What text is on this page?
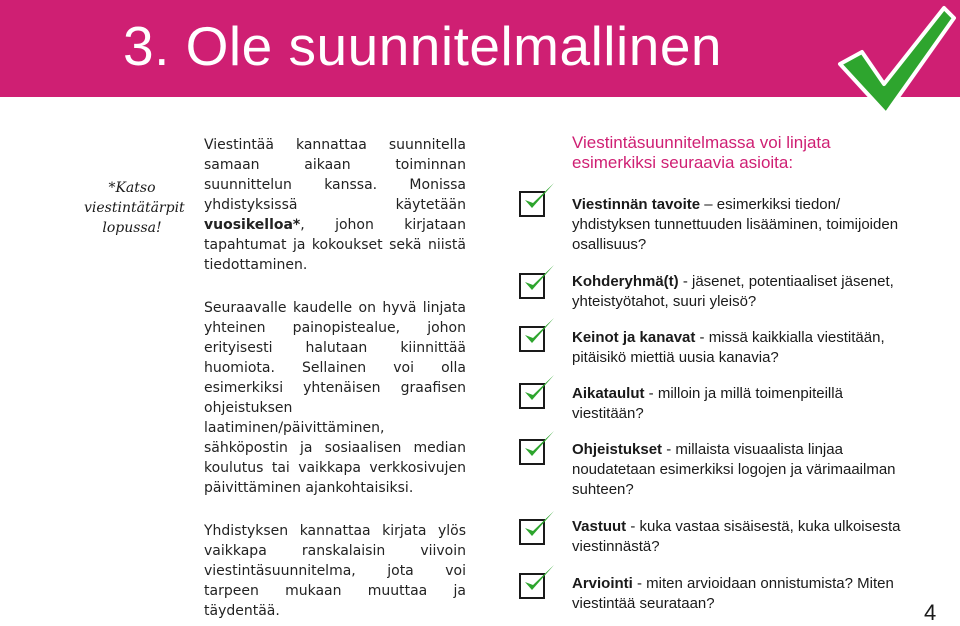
3. Ole suunnitelmallinen
*Katso viestintätärpit lopussa!

Viestintää kannattaa suunnitella samaan aikaan toiminnan suunnittelun kanssa. Monissa yhdistyksissä käytetään vuosikelloa*, johon kirjataan tapahtumat ja kokoukset sekä niistä tiedottaminen.

Seuraavalle kaudelle on hyvä linjata yhteinen painopistealue, johon erityisesti halutaan kiinnittää huomiota. Sellainen voi olla esimerkiksi yhtenäisen graafisen ohjeistuksen laatiminen/päivittäminen, sähköpostin ja sosiaalisen median koulutus tai vaikkapa verkkosivujen päivittäminen ajankohtaisiksi.

Yhdistyksen kannattaa kirjata ylös vaikkapa ranskalaisin viivoin viestintäsuunnitelma, jota voi tarpeen mukaan muuttaa ja täydentää.

Viestintäsuunnitelmassa voi linjata esimerkiksi seuraavia asioita:
Viestinnän tavoite – esimerkiksi tiedon/ yhdistyksen tunnettuuden lisääminen, toimijoiden osallisuus?
Kohderyhmä(t) - jäsenet, potentiaaliset jäsenet, yhteistyötahot, suuri yleisö?
Keinot ja kanavat - missä kaikkialla viestitään, pitäisikö miettiä uusia kanavia?
Aikataulut - milloin ja millä toimenpiteillä viestitään?
Ohjeistukset - millaista visuaalista linjaa noudatetaan esimerkiksi logojen ja värimaailman suhteen?
Vastuut - kuka vastaa sisäisestä, kuka ulkoisesta viestinnästä?
Arviointi - miten arvioidaan onnistumista? Miten viestintää seurataan?	4
